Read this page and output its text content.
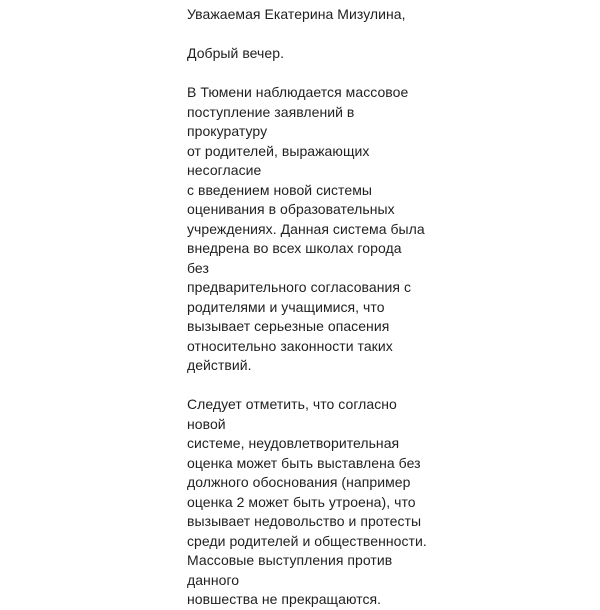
Уважаемая Екатерина Мизулина,

Добрый вечер.

В Тюмени наблюдается массовое
поступление заявлений в прокуратуру
от родителей, выражающих несогласие
с введением новой системы
оценивания в образовательных
учреждениях. Данная система была
внедрена во всех школах города без
предварительного согласования с
родителями и учащимися, что
вызывает серьезные опасения
относительно законности таких
действий.

Следует отметить, что согласно новой
системе, неудовлетворительная
оценка может быть выставлена без
должного обоснования (например
оценка 2 может быть утроена), что
вызывает недовольство и протесты
среди родителей и общественности.
Массовые выступления против данного
новшества не прекращаются.
